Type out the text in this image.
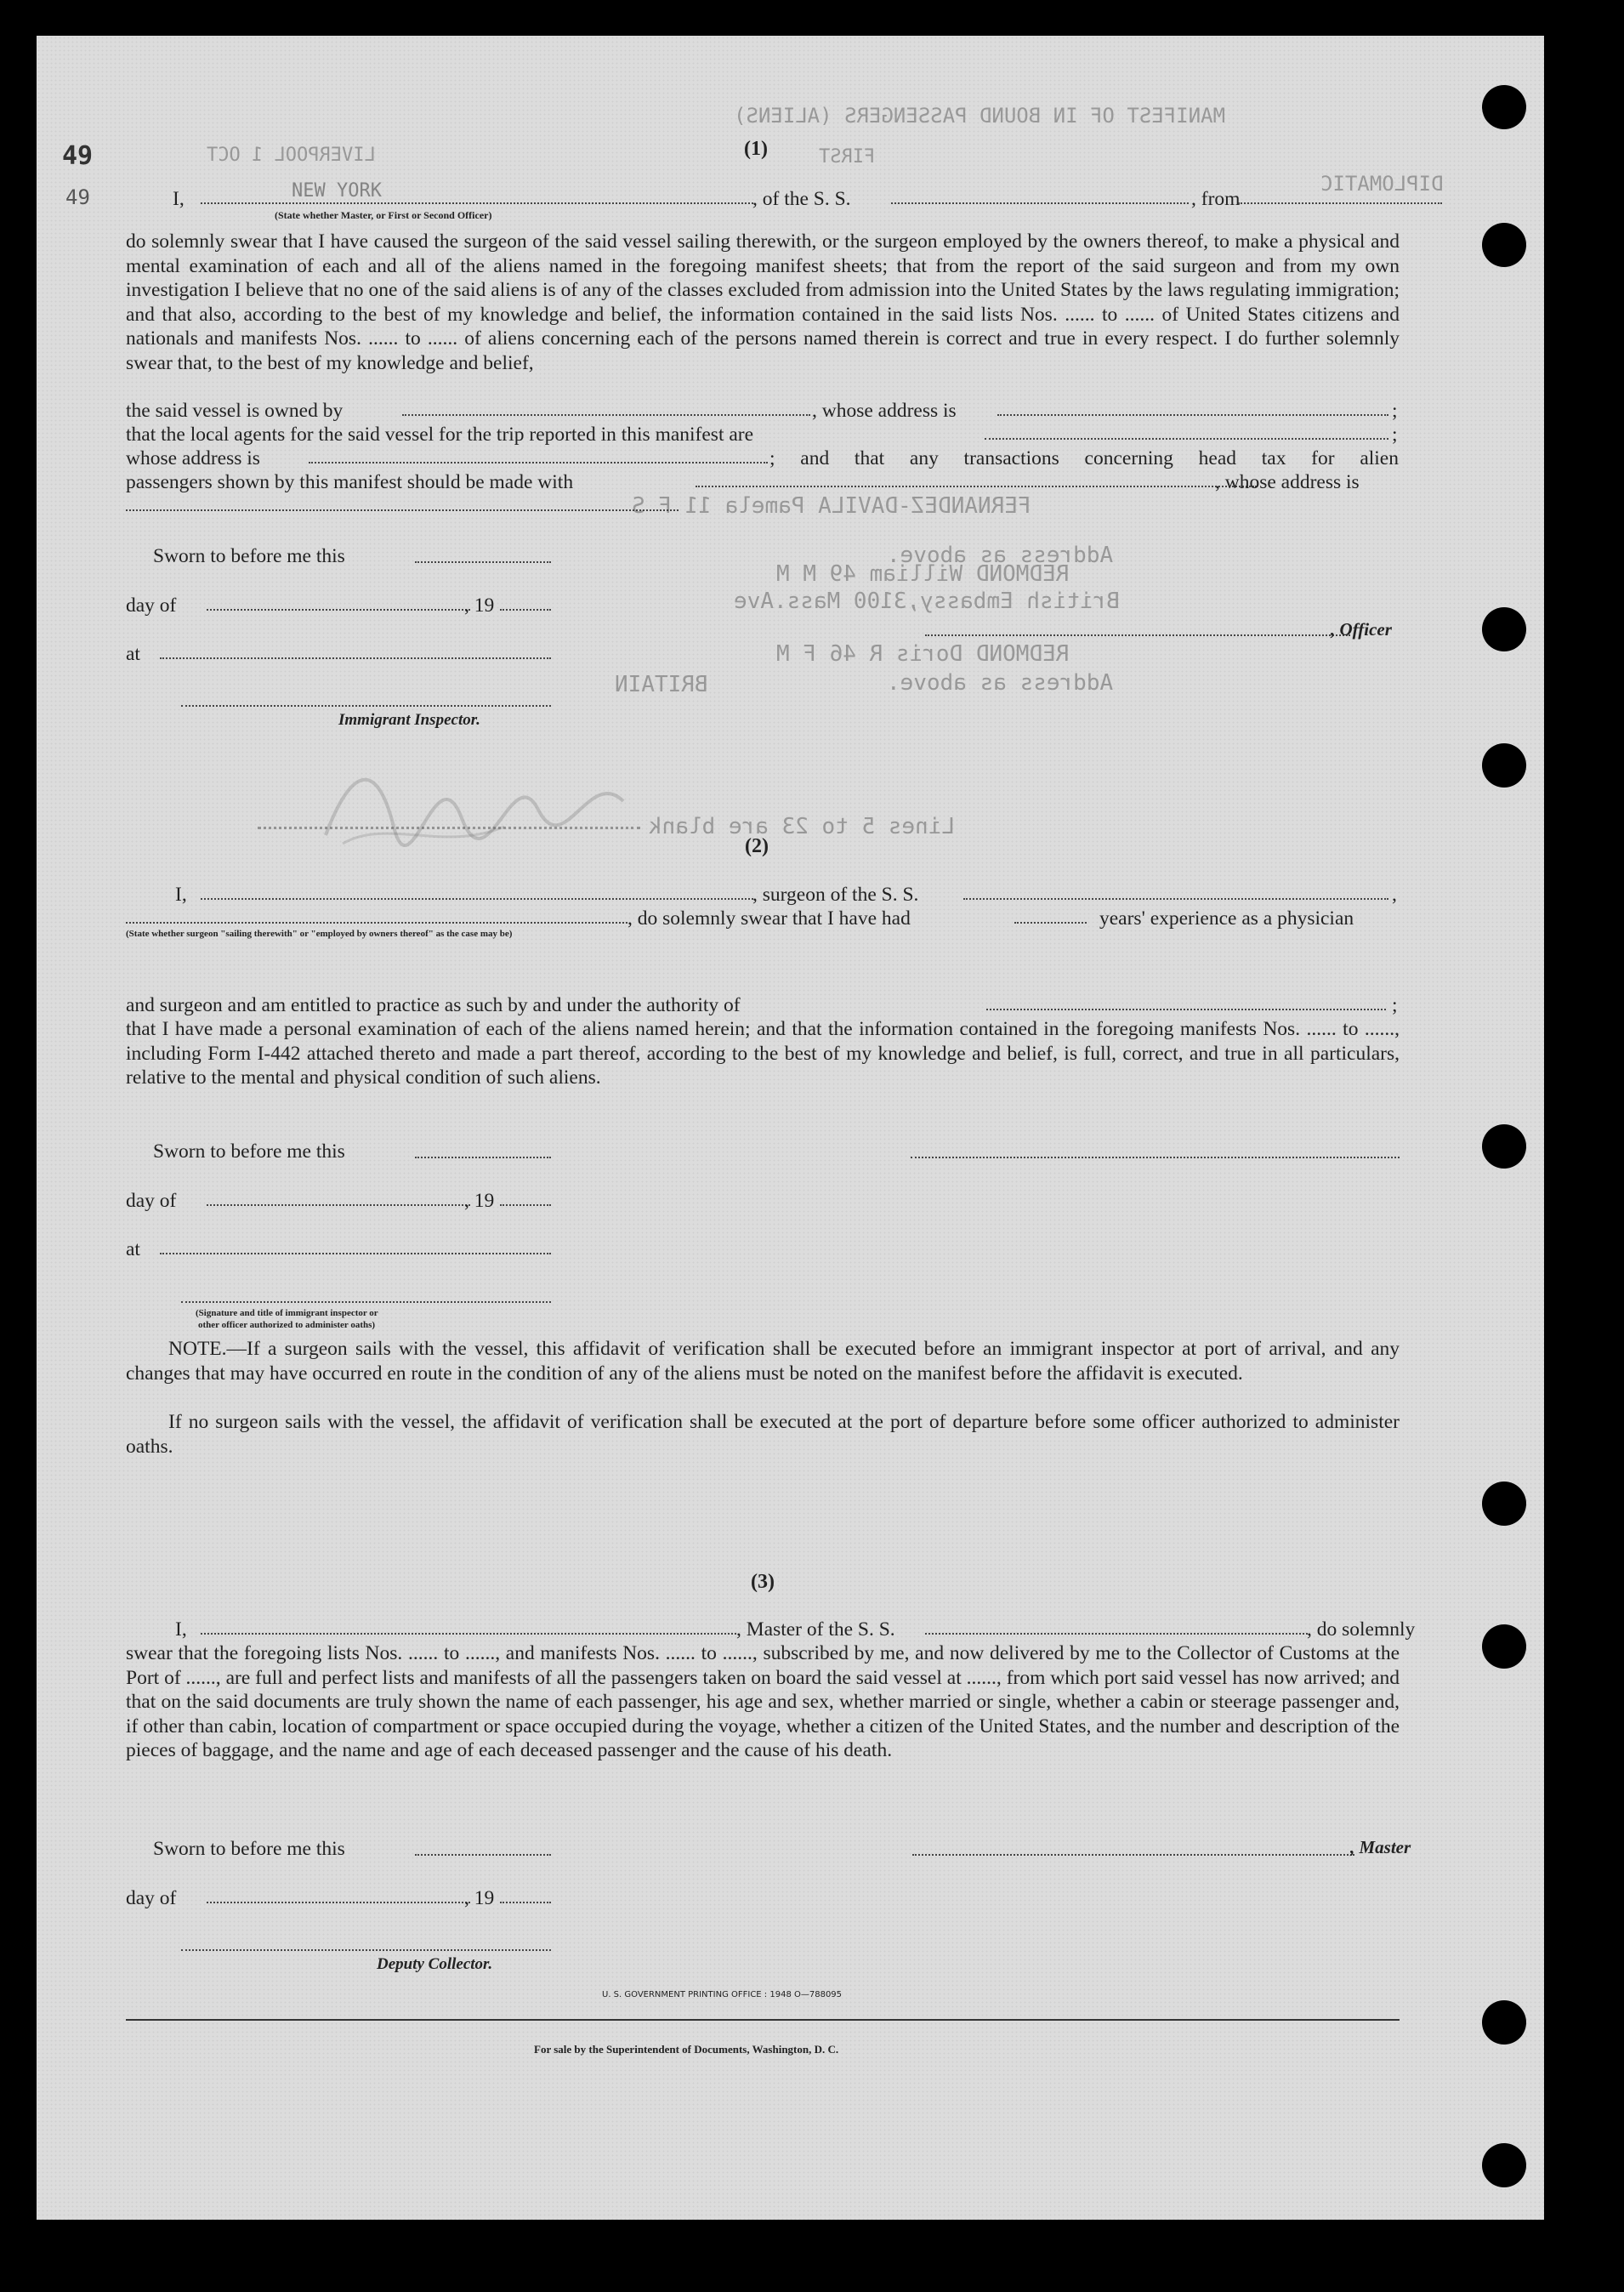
MANIFEST OF IN BOUND PASSENGERS (ALIENS)
LIVERPOOL 1 OCT	FIRST
DIPLOMATIC
FERNANDEZ-DAVILA Pamela 11 F S
Address as above.
REDMOND William 49 M M
British Embassy,3100 Mass.Ave
REDMOND Doris R 46 F M
Address as above.
BRITAIN
Lines 5 to 23 are blank
49
49
(1)
I,	NEW YORK	, of the S. S.	, from
(State whether Master, or First or Second Officer)

do solemnly swear that I have caused the surgeon of the said vessel sailing therewith, or the surgeon employed by the owners thereof, to make a physical and mental examination of each and all of the aliens named in the foregoing manifest sheets; that from the report of the said surgeon and from my own investigation I believe that no one of the said aliens is of any of the classes excluded from admission into the United States by the laws regulating immigration; and that also, according to the best of my knowledge and belief, the information contained in the said lists Nos. ...... to ...... of United States citizens and nationals and manifests Nos. ...... to ...... of aliens concerning each of the persons named therein is correct and true in every respect. I do further solemnly swear that, to the best of my knowledge and belief,

the said vessel is owned by	, whose address is	;
that the local agents for the said vessel for the trip reported in this manifest are	;
whose address is	; and that any transactions concerning head tax for alien
passengers shown by this manifest should be made with	, whose address is
Sworn to before me this
day of	, 19
at
, Officer
Immigrant Inspector.
(2)
I,	, surgeon of the S. S.	,
, do solemnly swear that I have had	years' experience as a physician
(State whether surgeon "sailing therewith" or "employed by owners thereof" as the case may be)
and surgeon and am entitled to practice as such by and under the authority of	;

that I have made a personal examination of each of the aliens named herein; and that the information contained in the foregoing manifests Nos. ...... to ......, including Form I-442 attached thereto and made a part thereof, according to the best of my knowledge and belief, is full, correct, and true in all particulars, relative to the mental and physical condition of such aliens.

Sworn to before me this
day of	, 19
at
(Signature and title of immigrant inspector or
other officer authorized to administer oaths)

NOTE.—If a surgeon sails with the vessel, this affidavit of verification shall be executed before an immigrant inspector at port of arrival, and any changes that may have occurred en route in the condition of any of the aliens must be noted on the manifest before the affidavit is executed.

If no surgeon sails with the vessel, the affidavit of verification shall be executed at the port of departure before some officer authorized to administer oaths.

(3)
I,	, Master of the S. S.	, do solemnly

swear that the foregoing lists Nos. ...... to ......, and manifests Nos. ...... to ......, subscribed by me, and now delivered by me to the Collector of Customs at the Port of ......, are full and perfect lists and manifests of all the passengers taken on board the said vessel at ......, from which port said vessel has now arrived; and that on the said documents are truly shown the name of each passenger, his age and sex, whether married or single, whether a cabin or steerage passenger and, if other than cabin, location of compartment or space occupied during the voyage, whether a citizen of the United States, and the number and description of the pieces of baggage, and the name and age of each deceased passenger and the cause of his death.

Sworn to before me this	, Master
day of	, 19
Deputy Collector.
U. S. GOVERNMENT PRINTING OFFICE : 1948 O—788095
For sale by the Superintendent of Documents, Washington, D. C.
